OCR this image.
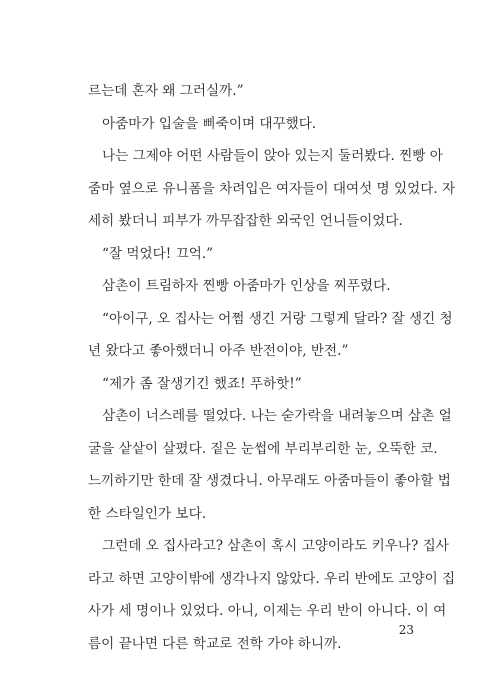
르는데 혼자 왜 그러실까.”
아줌마가 입술을 삐죽이며 대꾸했다.
나는 그제야 어떤 사람들이 앉아 있는지 둘러봤다. 찐빵 아
줌마 옆으로 유니폼을 차려입은 여자들이 대여섯 명 있었다. 자
세히 봤더니 피부가 까무잡잡한 외국인 언니들이었다.
“잘 먹었다! 끄억.”
삼촌이 트림하자 찐빵 아줌마가 인상을 찌푸렸다.
“아이구, 오 집사는 어쩜 생긴 거랑 그렇게 달라? 잘 생긴 청
년 왔다고 좋아했더니 아주 반전이야, 반전.”
“제가 좀 잘생기긴 했죠! 푸하핫!”
삼촌이 너스레를 떨었다. 나는 숟가락을 내려놓으며 삼촌 얼
굴을 샅샅이 살폈다. 짙은 눈썹에 부리부리한 눈, 오뚝한 코.
느끼하기만 한데 잘 생겼다니. 아무래도 아줌마들이 좋아할 법
한 스타일인가 보다.
그런데 오 집사라고? 삼촌이 혹시 고양이라도 키우나? 집사
라고 하면 고양이밖에 생각나지 않았다. 우리 반에도 고양이 집
사가 세 명이나 있었다. 아니, 이제는 우리 반이 아니다. 이 여
름이 끝나면 다른 학교로 전학 가야 하니까.
23
